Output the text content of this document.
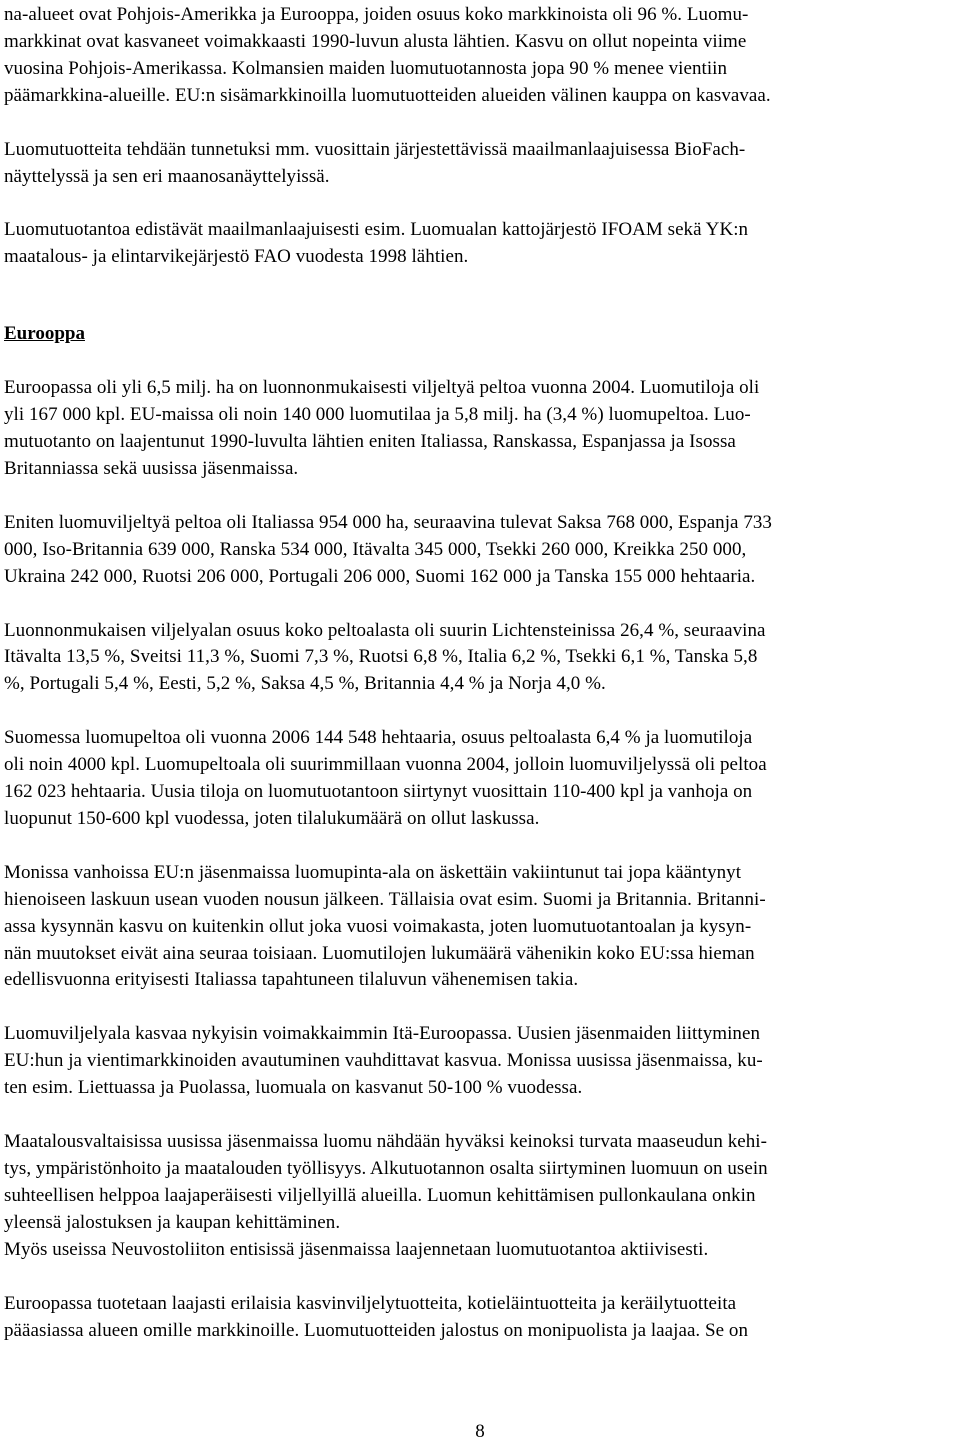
na-alueet ovat Pohjois-Amerikka ja Eurooppa, joiden osuus koko markkinoista oli 96 %. Luomu-
markkinat ovat kasvaneet voimakkaasti 1990-luvun alusta lähtien. Kasvu on ollut nopeinta viime
vuosina Pohjois-Amerikassa. Kolmansien maiden luomutuotannosta jopa 90 % menee vientiin
päämarkkina-alueille. EU:n sisämarkkinoilla luomutuotteiden alueiden välinen kauppa on kasvavaa.
Luomutuotteita tehdään tunnetuksi mm. vuosittain järjestettävissä maailmanlaajuisessa BioFach-
näyttelyssä ja sen eri maanosanäyttelyissä.
Luomutuotantoa edistävät maailmanlaajuisesti esim. Luomualan kattojärjestö IFOAM sekä YK:n
maatalous- ja elintarvikejärjestö FAO vuodesta 1998 lähtien.
Eurooppa
Euroopassa oli yli 6,5 milj. ha on luonnonmukaisesti viljeltyä peltoa vuonna 2004. Luomutiloja oli
yli 167 000 kpl. EU-maissa oli noin 140 000 luomutilaa ja 5,8 milj. ha (3,4 %) luomupeltoa. Luo-
mutuotanto on laajentunut 1990-luvulta lähtien eniten Italiassa, Ranskassa, Espanjassa ja Isossa
Britanniassa sekä uusissa jäsenmaissa.
Eniten luomuviljeltyä peltoa oli Italiassa 954 000 ha, seuraavina tulevat Saksa 768 000, Espanja 733
000, Iso-Britannia 639 000, Ranska 534 000, Itävalta 345 000, Tsekki 260 000, Kreikka 250 000,
Ukraina 242 000, Ruotsi 206 000, Portugali 206 000, Suomi 162 000 ja Tanska 155 000 hehtaaria.
Luonnonmukaisen viljelyalan osuus koko peltoalasta oli suurin Lichtensteinissa 26,4 %, seuraavina
Itävalta 13,5 %, Sveitsi 11,3 %, Suomi 7,3 %, Ruotsi 6,8 %, Italia 6,2 %, Tsekki 6,1 %, Tanska 5,8
%, Portugali 5,4 %, Eesti, 5,2 %, Saksa 4,5 %, Britannia 4,4 % ja Norja 4,0 %.
Suomessa luomupeltoa oli vuonna 2006 144 548 hehtaaria, osuus peltoalasta 6,4 % ja luomutiloja
oli noin 4000 kpl. Luomupeltoala oli suurimmillaan vuonna 2004, jolloin luomuviljelyssä oli peltoa
162 023 hehtaaria. Uusia tiloja on luomutuotantoon siirtynyt vuosittain 110-400 kpl ja vanhoja on
luopunut 150-600 kpl vuodessa, joten tilalukumäärä on ollut laskussa.
Monissa vanhoissa EU:n jäsenmaissa luomupinta-ala on äskettäin vakiintunut tai jopa kääntynyt
hienoiseen laskuun usean vuoden nousun jälkeen. Tällaisia ovat esim. Suomi ja Britannia. Britanni-
assa kysynnän kasvu on kuitenkin ollut joka vuosi voimakasta, joten luomutuotantoalan ja kysyn-
nän muutokset eivät aina seuraa toisiaan. Luomutilojen lukumäärä vähenikin koko EU:ssa hieman
edellisvuonna erityisesti Italiassa tapahtuneen tilaluvun vähenemisen takia.
Luomuviljelyala kasvaa nykyisin voimakkaimmin Itä-Euroopassa. Uusien jäsenmaiden liittyminen
EU:hun ja vientimarkkinoiden avautuminen vauhdittavat kasvua. Monissa uusissa jäsenmaissa, ku-
ten esim. Liettuassa ja Puolassa, luomuala on kasvanut 50-100 % vuodessa.
Maatalousvaltaisissa uusissa jäsenmaissa luomu nähdään hyväksi keinoksi turvata maaseudun kehi-
tys, ympäristönhoito ja maatalouden työllisyys. Alkutuotannon osalta siirtyminen luomuun on usein
suhteellisen helppoa laajaperäisesti viljellyillä alueilla. Luomun kehittämisen pullonkaulana onkin
yleensä jalostuksen ja kaupan kehittäminen.
Myös useissa Neuvostoliiton entisissä jäsenmaissa laajennetaan luomutuotantoa aktiivisesti.
Euroopassa tuotetaan laajasti erilaisia kasvinviljelytuotteita, kotieläintuotteita ja keräilytuotteita
pääasiassa alueen omille markkinoille. Luomutuotteiden jalostus on monipuolista ja laajaa. Se on
8
